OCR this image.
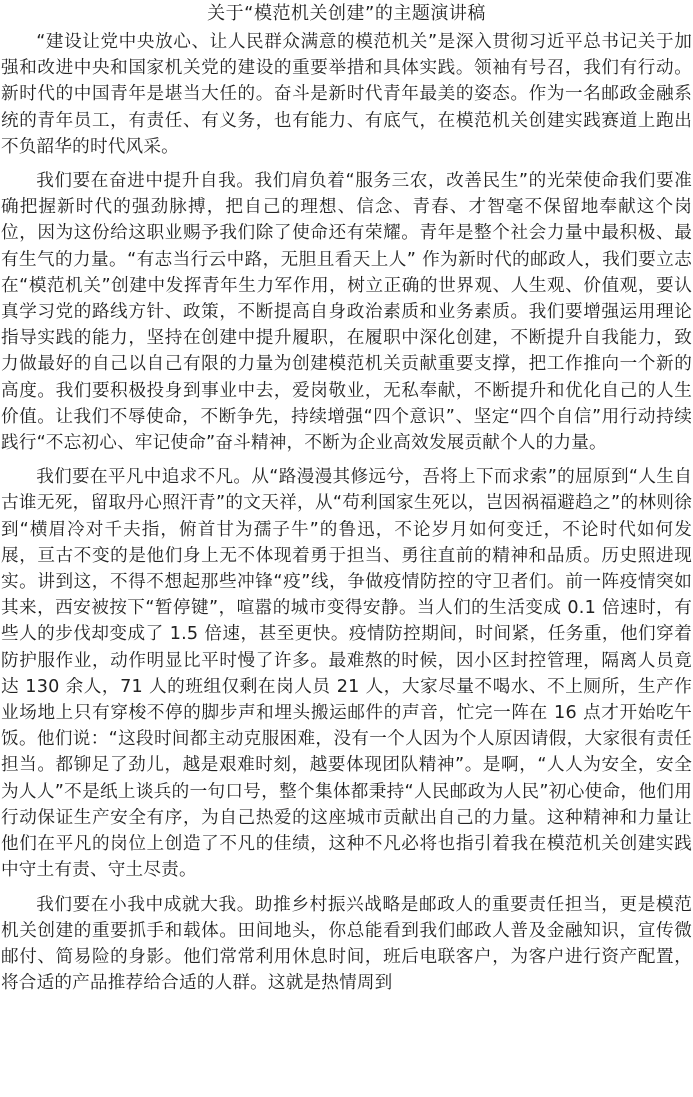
关于“模范机关创建”的主题演讲稿

“建设让党中央放心、让人民群众满意的模范机关”是深入贯彻习近平总书记关于加强和改进中央和国家机关党的建设的重要举措和具体实践。领袖有号召，我们有行动。新时代的中国青年是堪当大任的。奋斗是新时代青年最美的姿态。作为一名邮政金融系统的青年员工，有责任、有义务，也有能力、有底气，在模范机关创建实践赛道上跑出不负韶华的时代风采。

我们要在奋进中提升自我。我们肩负着“服务三农，改善民生”的光荣使命我们要准确把握新时代的强劲脉搏，把自己的理想、信念、青春、才智毫不保留地奉献这个岗位，因为这份给这职业赐予我们除了使命还有荣耀。青年是整个社会力量中最积极、最有生气的力量。“有志当行云中路，无胆且看天上人” 作为新时代的邮政人，我们要立志在“模范机关”创建中发挥青年生力军作用，树立正确的世界观、人生观、价值观，要认真学习党的路线方针、政策，不断提高自身政治素质和业务素质。我们要增强运用理论指导实践的能力，坚持在创建中提升履职，在履职中深化创建，不断提升自我能力，致力做最好的自己以自己有限的力量为创建模范机关贡献重要支撑，把工作推向一个新的高度。我们要积极投身到事业中去，爱岗敬业，无私奉献，不断提升和优化自己的人生价值。让我们不辱使命，不断争先，持续增强“四个意识”、坚定“四个自信”用行动持续践行“不忘初心、牢记使命”奋斗精神，不断为企业高效发展贡献个人的力量。

我们要在平凡中追求不凡。从“路漫漫其修远兮，吾将上下而求索”的屈原到“人生自古谁无死，留取丹心照汗青”的文天祥，从“苟利国家生死以，岂因祸福避趋之”的林则徐到“横眉冷对千夫指，俯首甘为孺子牛”的鲁迅，不论岁月如何变迁，不论时代如何发展，亘古不变的是他们身上无不体现着勇于担当、勇往直前的精神和品质。历史照进现实。讲到这，不得不想起那些冲锋“疫”线，争做疫情防控的守卫者们。前一阵疫情突如其来，西安被按下“暂停键”，喧嚣的城市变得安静。当人们的生活变成 0.1 倍速时，有些人的步伐却变成了 1.5 倍速，甚至更快。疫情防控期间，时间紧，任务重，他们穿着防护服作业，动作明显比平时慢了许多。最难熬的时候，因小区封控管理，隔离人员竟达 130 余人，71 人的班组仅剩在岗人员 21 人，大家尽量不喝水、不上厕所，生产作业场地上只有穿梭不停的脚步声和埋头搬运邮件的声音，忙完一阵在 16 点才开始吃午饭。他们说：“这段时间都主动克服困难，没有一个人因为个人原因请假，大家很有责任担当。都铆足了劲儿，越是艰难时刻，越要体现团队精神”。是啊，“人人为安全，安全为人人”不是纸上谈兵的一句口号，整个集体都秉持“人民邮政为人民”初心使命，他们用行动保证生产安全有序，为自己热爱的这座城市贡献出自己的力量。这种精神和力量让他们在平凡的岗位上创造了不凡的佳绩，这种不凡必将也指引着我在模范机关创建实践中守土有责、守土尽责。

我们要在小我中成就大我。助推乡村振兴战略是邮政人的重要责任担当，更是模范机关创建的重要抓手和载体。田间地头，你总能看到我们邮政人普及金融知识，宣传微邮付、简易险的身影。他们常常利用休息时间，班后电联客户，为客户进行资产配置，将合适的产品推荐给合适的人群。这就是热情周到
